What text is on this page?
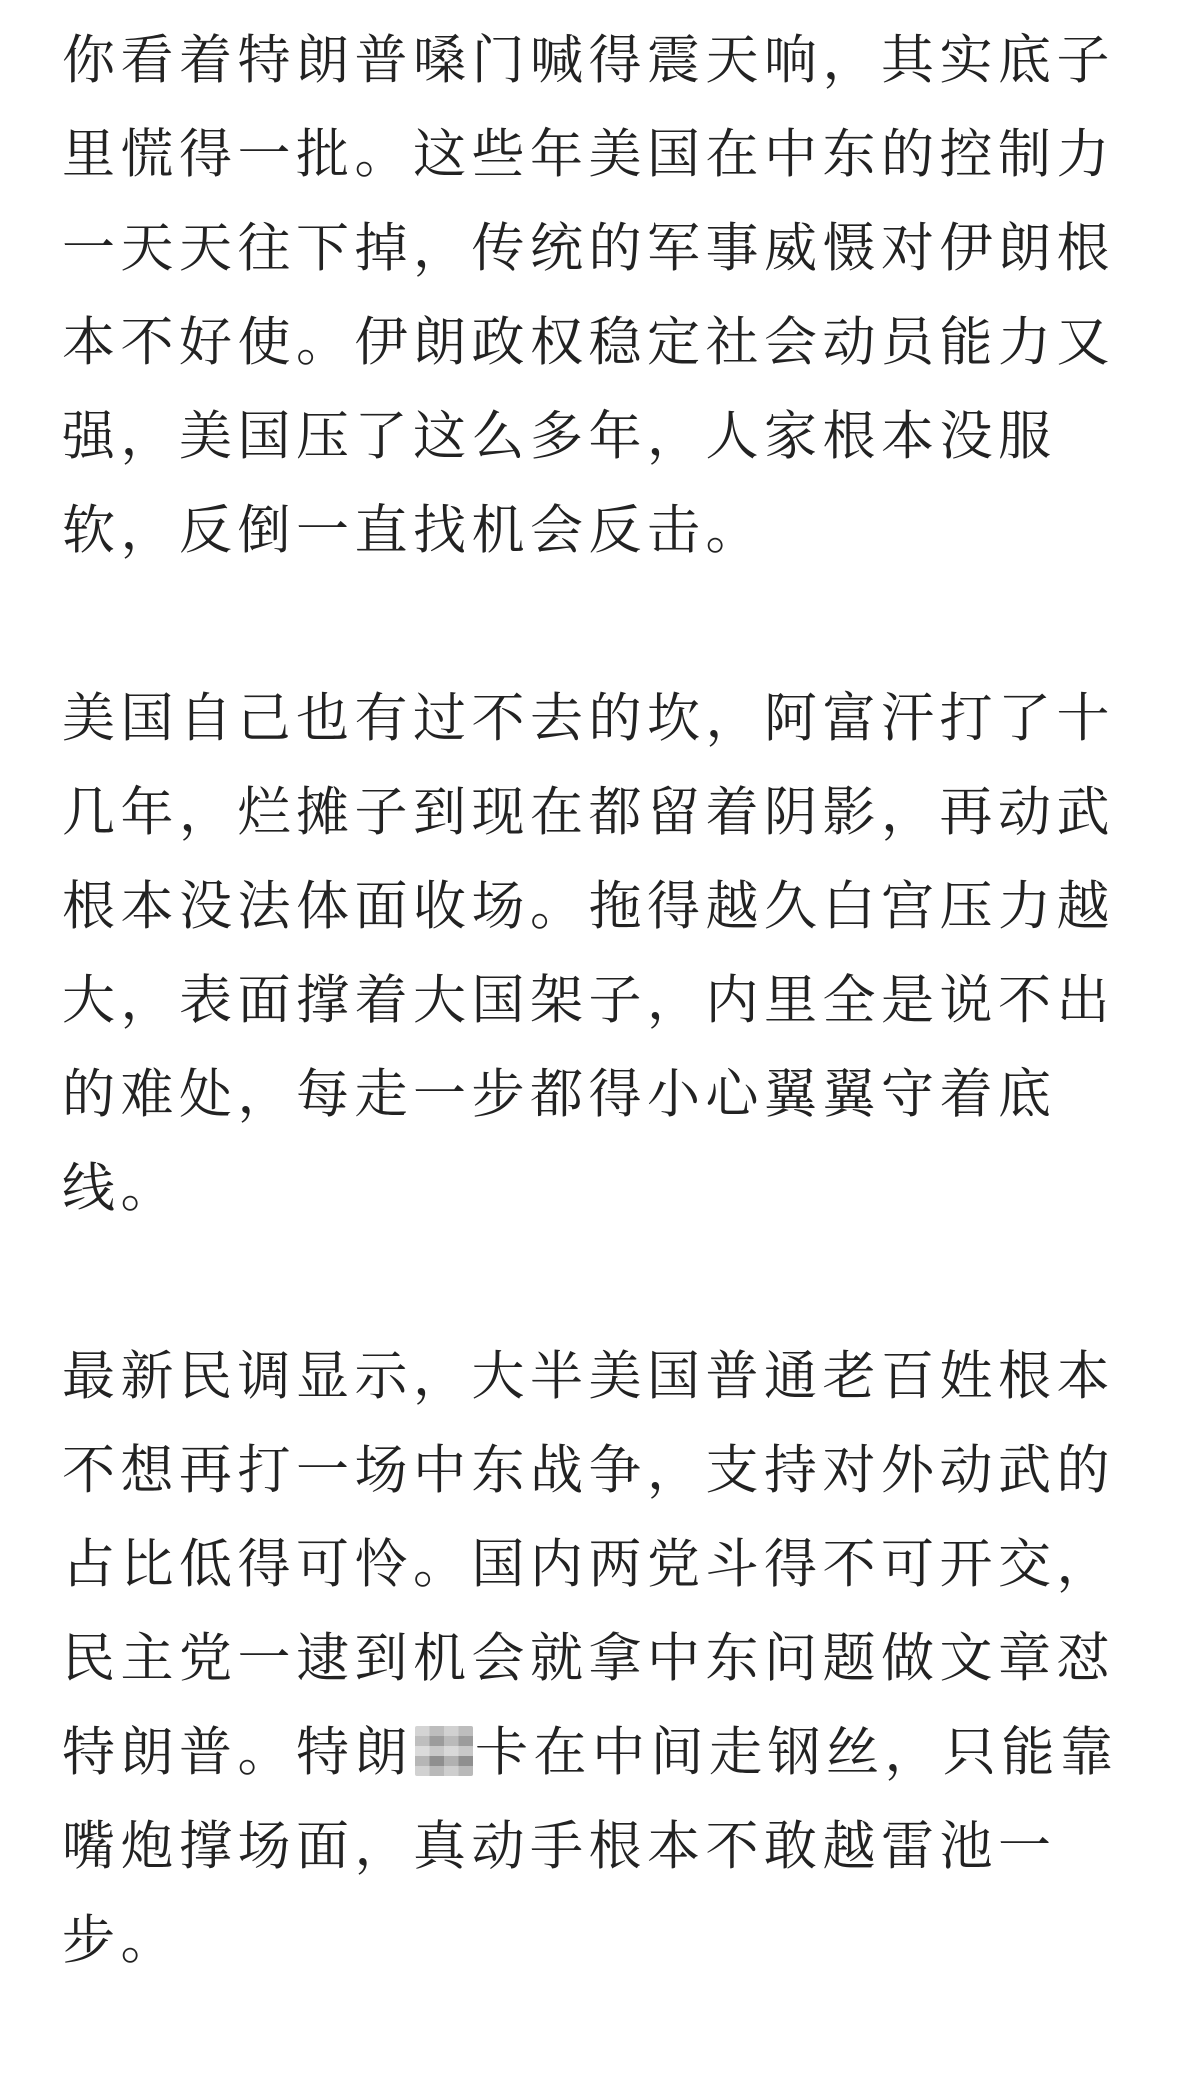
你看着特朗普嗓门喊得震天响，其实底子
里慌得一批。这些年美国在中东的控制力
一天天往下掉，传统的军事威慑对伊朗根
本不好使。伊朗政权稳定社会动员能力又
强，美国压了这么多年，人家根本没服
软，反倒一直找机会反击。

美国自己也有过不去的坎，阿富汗打了十
几年，烂摊子到现在都留着阴影，再动武
根本没法体面收场。拖得越久白宫压力越
大，表面撑着大国架子，内里全是说不出
的难处，每走一步都得小心翼翼守着底
线。

最新民调显示，大半美国普通老百姓根本
不想再打一场中东战争，支持对外动武的
占比低得可怜。国内两党斗得不可开交，
民主党一逮到机会就拿中东问题做文章怼
特朗普。特朗 卡在中间走钢丝，只能靠
嘴炮撑场面，真动手根本不敢越雷池一
步。
